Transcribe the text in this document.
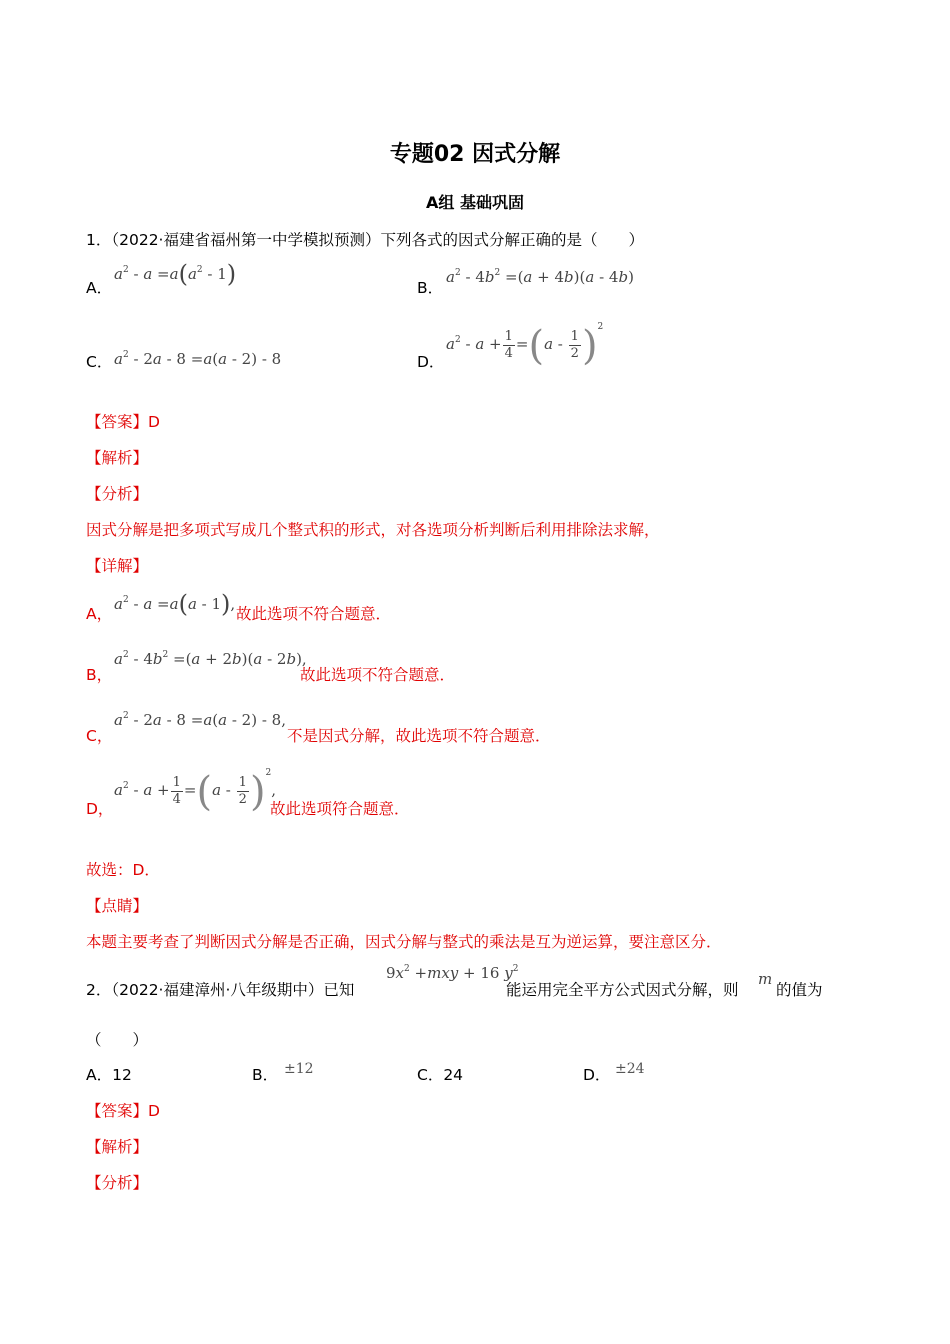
专题02 因式分解
A组 基础巩固
1．（2022·福建省福州第一中学模拟预测）下列各式的因式分解正确的是（　　）
A．
$a^2 - a =a(a^2 - 1)$	B．
$a^2 - 4b^2 =(a + 4b)(a - 4b)$
C． $a^2 - 2a - 8 =a(a - 2) - 8$	D．
$a^2 - a + \frac{1}{4} =(a - \frac{1}{2} )^2$
【答案】D
【解析】
【分析】
因式分解是把多项式写成几个整式积的形式，对各选项分析判断后利用排除法求解，
【详解】
A，
$a^2 - a =a(a - 1)$,
故此选项不符合题意．
B，
$a^2 - 4b^2 =(a + 2b)(a - 2b)$,
故此选项不符合题意．
C，
$a^2 - 2a - 8 =a(a - 2) - 8$,
不是因式分解，故此选项不符合题意．
D，
$a^2 - a + \frac{1}{4} =(a - \frac{1}{2} )^2$,
故此选项符合题意．
故选：D．
【点睛】
本题主要考查了判断因式分解是否正确，因式分解与整式的乘法是互为逆运算，要注意区分．
2．（2022·福建漳州·八年级期中）已知
$9x^2 +mxy + 16$ $y^2$
能运用完全平方公式因式分解，则
m
的值为
（　　）
A．12	B． ±12	C．24	D． ±24
【答案】D
【解析】
【分析】
